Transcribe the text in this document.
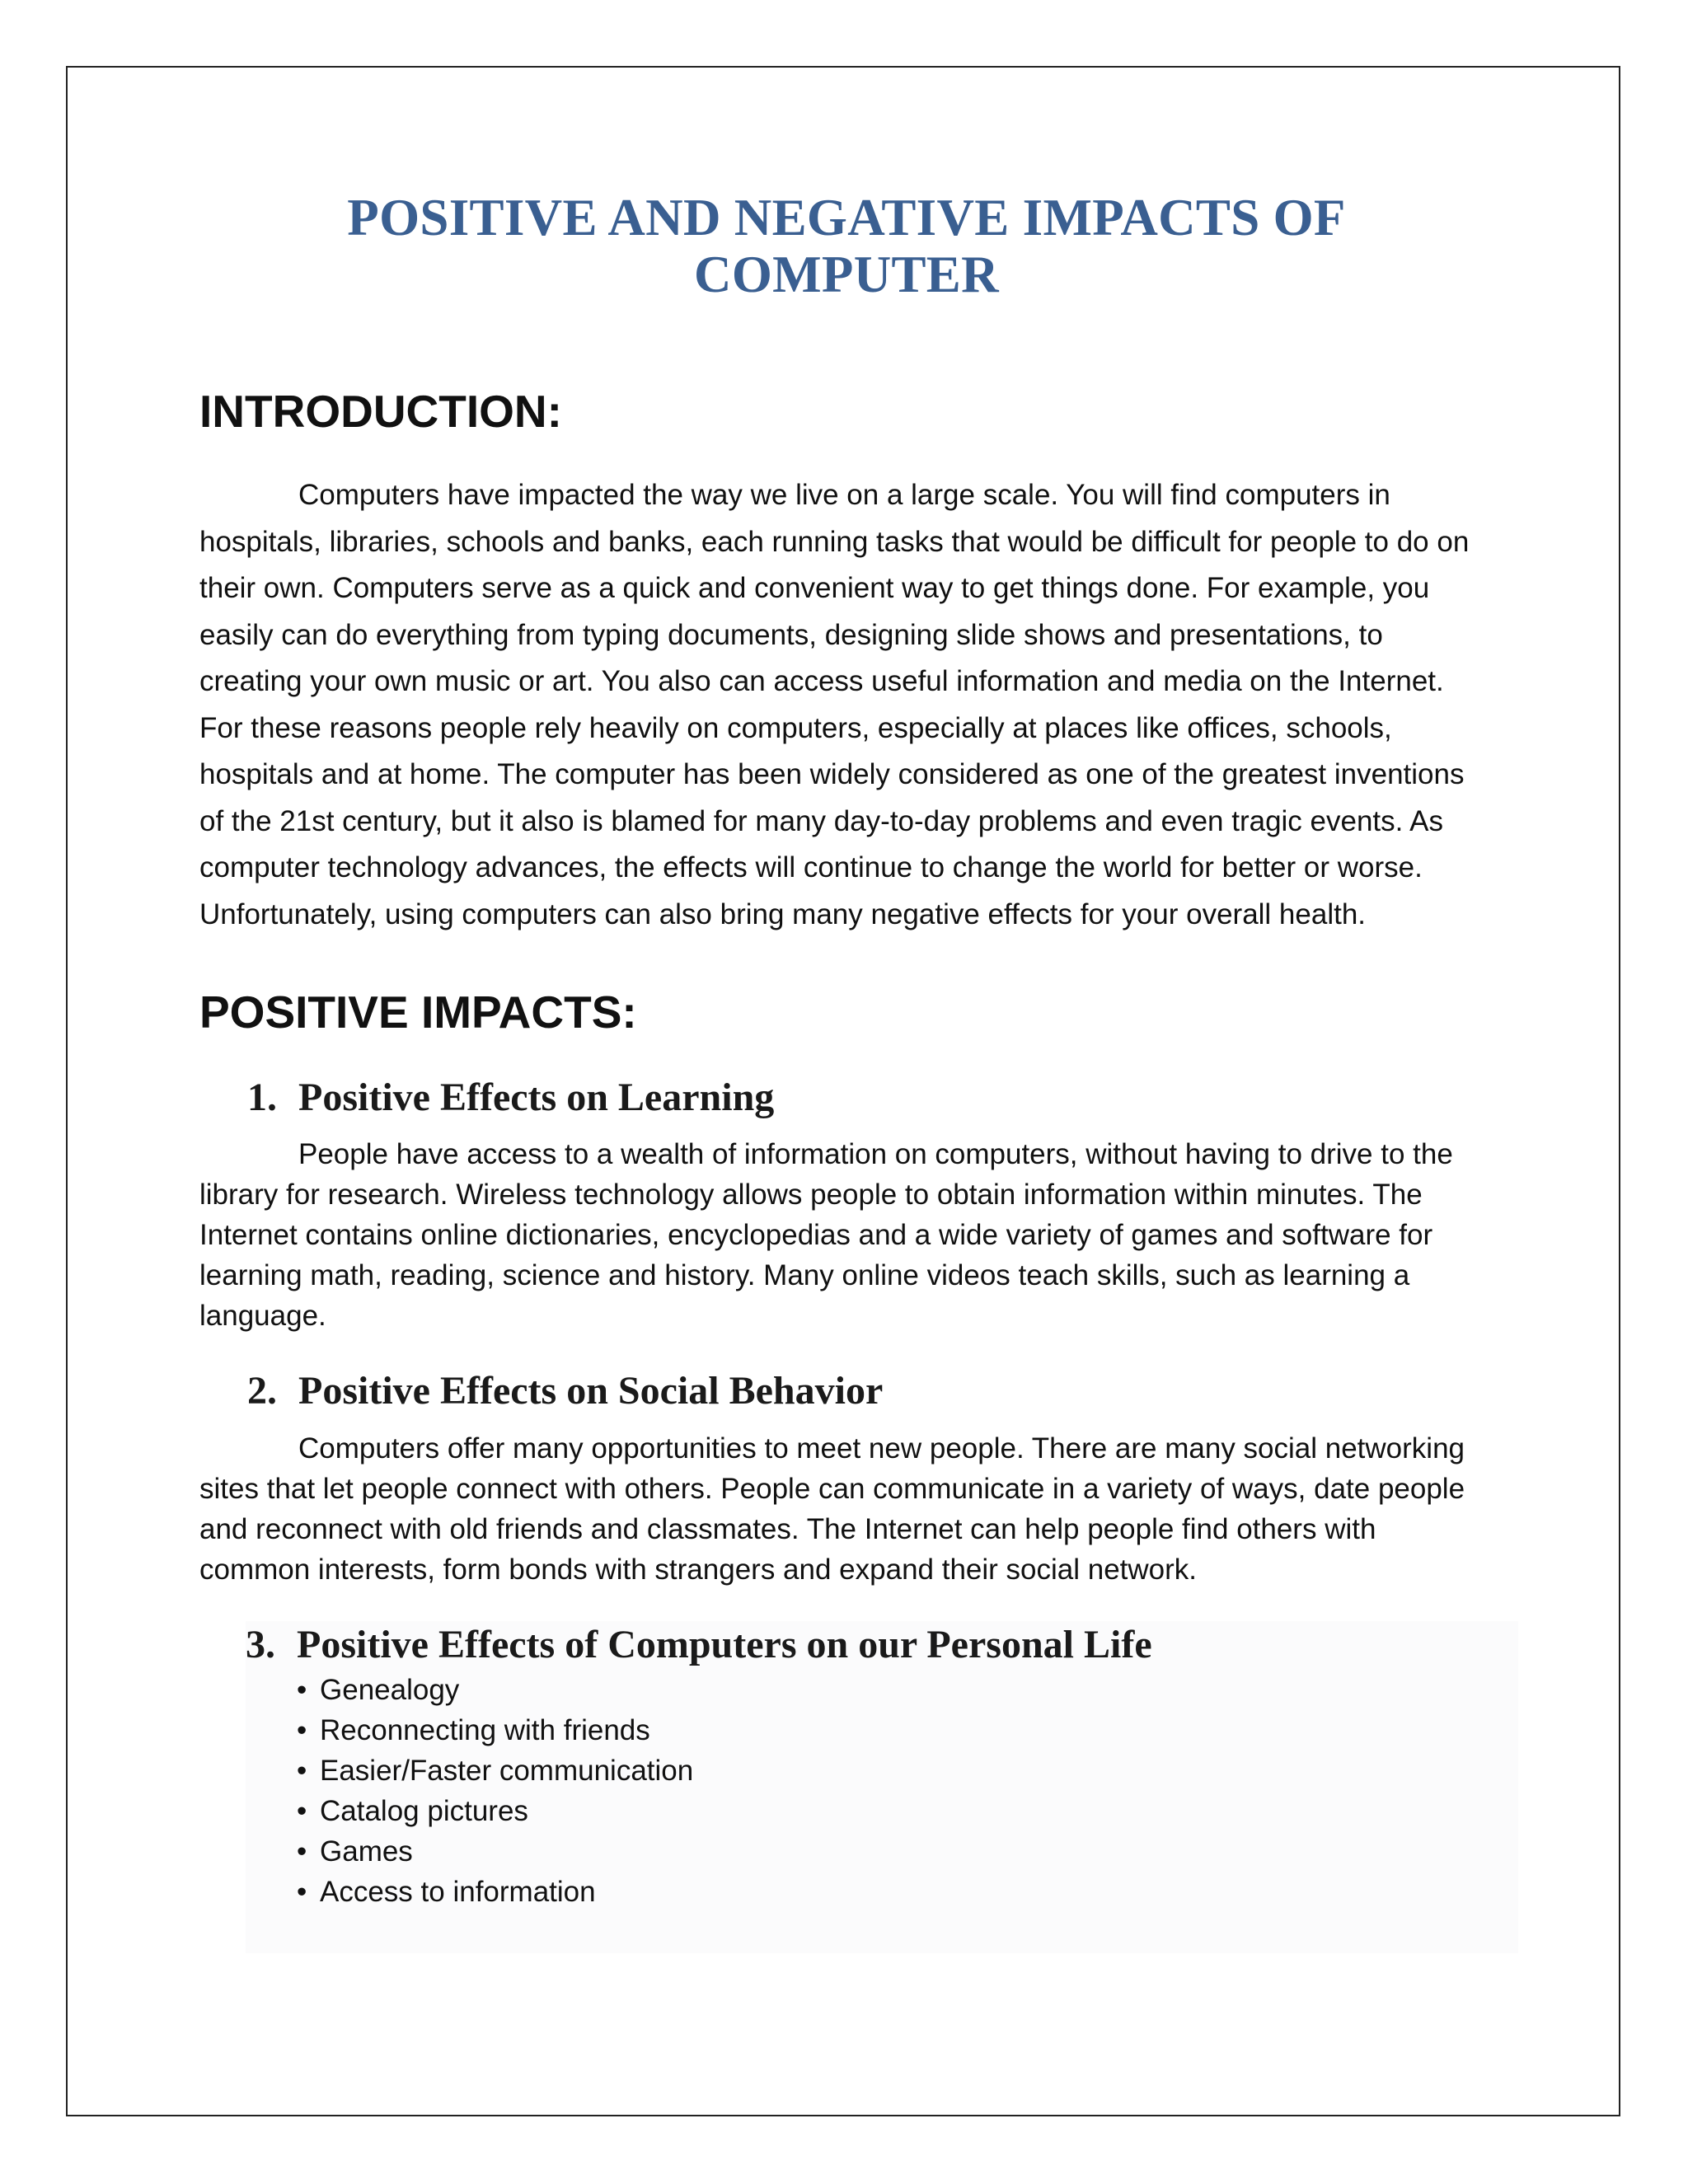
POSITIVE AND NEGATIVE IMPACTS OF COMPUTER
INTRODUCTION:

Computers have impacted the way we live on a large scale. You will find computers in hospitals, libraries, schools and banks, each running tasks that would be difficult for people to do on their own. Computers serve as a quick and convenient way to get things done. For example, you easily can do everything from typing documents, designing slide shows and presentations, to creating your own music or art. You also can access useful information and media on the Internet. For these reasons people rely heavily on computers, especially at places like offices, schools, hospitals and at home. The computer has been widely considered as one of the greatest inventions of the 21st century, but it also is blamed for many day-to-day problems and even tragic events. As computer technology advances, the effects will continue to change the world for better or worse. Unfortunately, using computers can also bring many negative effects for your overall health.

POSITIVE IMPACTS:
1. Positive Effects on Learning

People have access to a wealth of information on computers, without having to drive to the library for research. Wireless technology allows people to obtain information within minutes. The Internet contains online dictionaries, encyclopedias and a wide variety of games and software for learning math, reading, science and history. Many online videos teach skills, such as learning a language.

2. Positive Effects on Social Behavior

Computers offer many opportunities to meet new people. There are many social networking sites that let people connect with others. People can communicate in a variety of ways, date people and reconnect with old friends and classmates. The Internet can help people find others with common interests, form bonds with strangers and expand their social network.

3. Positive Effects of Computers on our Personal Life
• Genealogy
• Reconnecting with friends
• Easier/Faster communication
• Catalog pictures
• Games
• Access to information
